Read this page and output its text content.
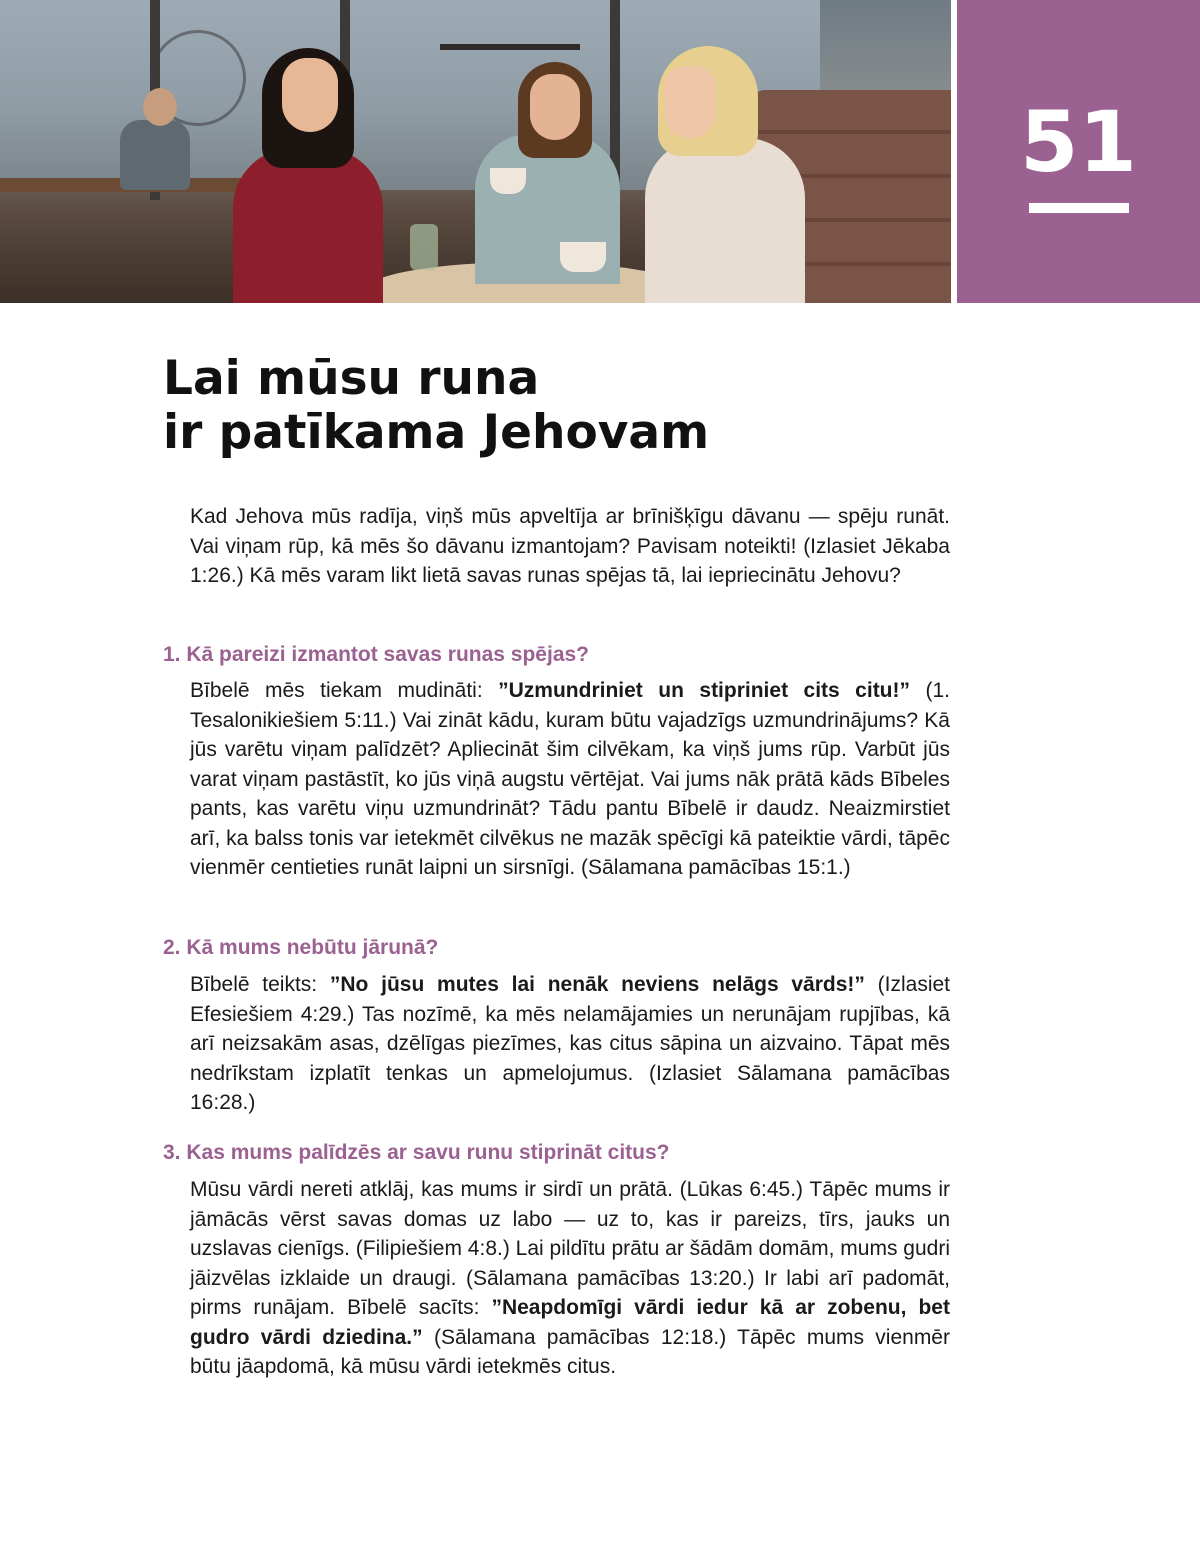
51
Lai mūsu runa
ir patīkama Jehovam

Kad Jehova mūs radīja, viņš mūs apveltīja ar brīnišķīgu dāvanu — spēju runāt. Vai viņam rūp, kā mēs šo dāvanu izmantojam? Pavisam noteikti! (Izlasiet Jēkaba 1:26.) Kā mēs varam likt lietā savas runas spējas tā, lai iepriecinātu Jehovu?

1. Kā pareizi izmantot savas runas spējas?

Bībelē mēs tiekam mudināti: ”Uzmundriniet un stipriniet cits citu!” (1. Tesalonikiešiem 5:11.) Vai zināt kādu, kuram būtu vajadzīgs uzmundrinājums? Kā jūs varētu viņam palīdzēt? Apliecināt šim cilvēkam, ka viņš jums rūp. Varbūt jūs varat viņam pastāstīt, ko jūs viņā augstu vērtējat. Vai jums nāk prātā kāds Bībeles pants, kas varētu viņu uzmundrināt? Tādu pantu Bībelē ir daudz. Neaizmirstiet arī, ka balss tonis var ietekmēt cilvēkus ne mazāk spēcīgi kā pateiktie vārdi, tāpēc vienmēr centieties runāt laipni un sirsnīgi. (Sālamana pamācības 15:1.)

2. Kā mums nebūtu jārunā?

Bībelē teikts: ”No jūsu mutes lai nenāk neviens nelāgs vārds!” (Izlasiet Efesiešiem 4:29.) Tas nozīmē, ka mēs nelamājamies un nerunājam rupjības, kā arī neizsakām asas, dzēlīgas piezīmes, kas citus sāpina un aizvaino. Tāpat mēs nedrīkstam izplatīt tenkas un apmelojumus. (Izlasiet Sālamana pamācības 16:28.)

3. Kas mums palīdzēs ar savu runu stiprināt citus?

Mūsu vārdi nereti atklāj, kas mums ir sirdī un prātā. (Lūkas 6:45.) Tāpēc mums ir jāmācās vērst savas domas uz labo — uz to, kas ir pareizs, tīrs, jauks un uzslavas cienīgs. (Filipiešiem 4:8.) Lai pildītu prātu ar šādām domām, mums gudri jāizvēlas izklaide un draugi. (Sālamana pamācības 13:20.) Ir labi arī padomāt, pirms runājam. Bībelē sacīts: ”Neapdomīgi vārdi iedur kā ar zobenu, bet gudro vārdi dziedina.” (Sālamana pamācības 12:18.) Tāpēc mums vienmēr būtu jāapdomā, kā mūsu vārdi ietekmēs citus.
